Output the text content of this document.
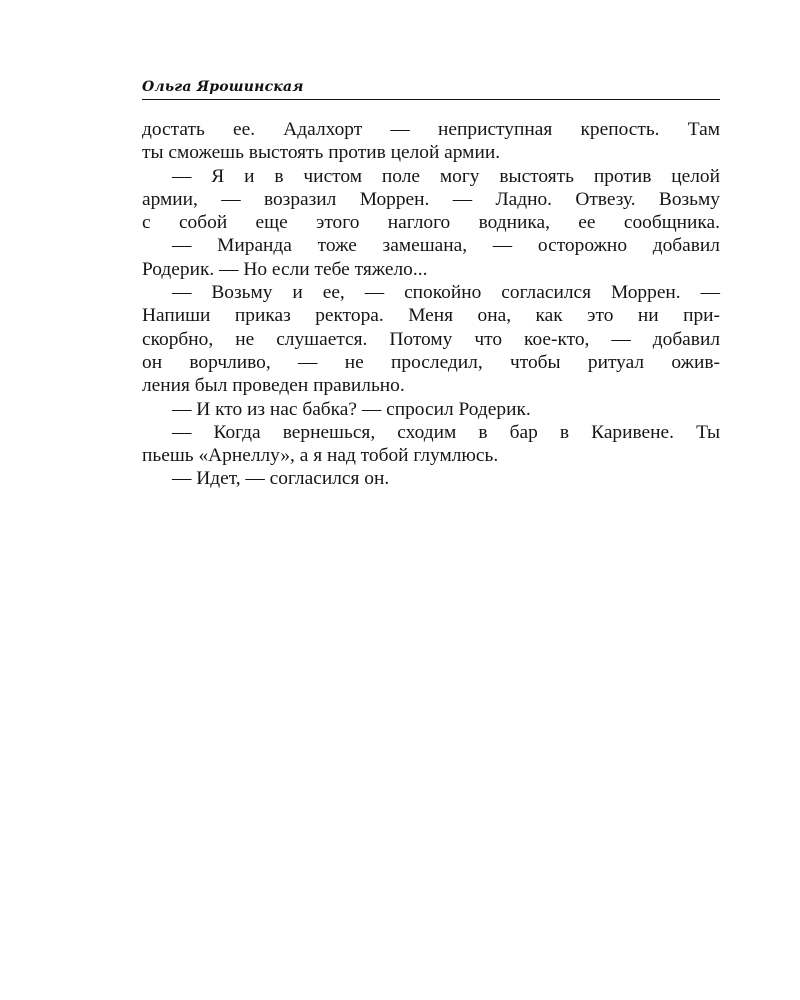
Ольга Ярошинская
достать ее. Адалхорт — неприступная крепость. Там
ты сможешь выстоять против целой армии.
— Я и в чистом поле могу выстоять против целой
армии, — возразил Моррен. — Ладно. Отвезу. Возьму
с собой еще этого наглого водника, ее сообщника.
— Миранда тоже замешана, — осторожно добавил
Родерик. — Но если тебе тяжело...
— Возьму и ее, — спокойно согласился Моррен. —
Напиши приказ ректора. Меня она, как это ни при-
скорбно, не слушается. Потому что кое-кто, — добавил
он ворчливо, — не проследил, чтобы ритуал ожив-
ления был проведен правильно.
— И кто из нас бабка? — спросил Родерик.
— Когда вернешься, сходим в бар в Каривене. Ты
пьешь «Арнеллу», а я над тобой глумлюсь.
— Идет, — согласился он.
